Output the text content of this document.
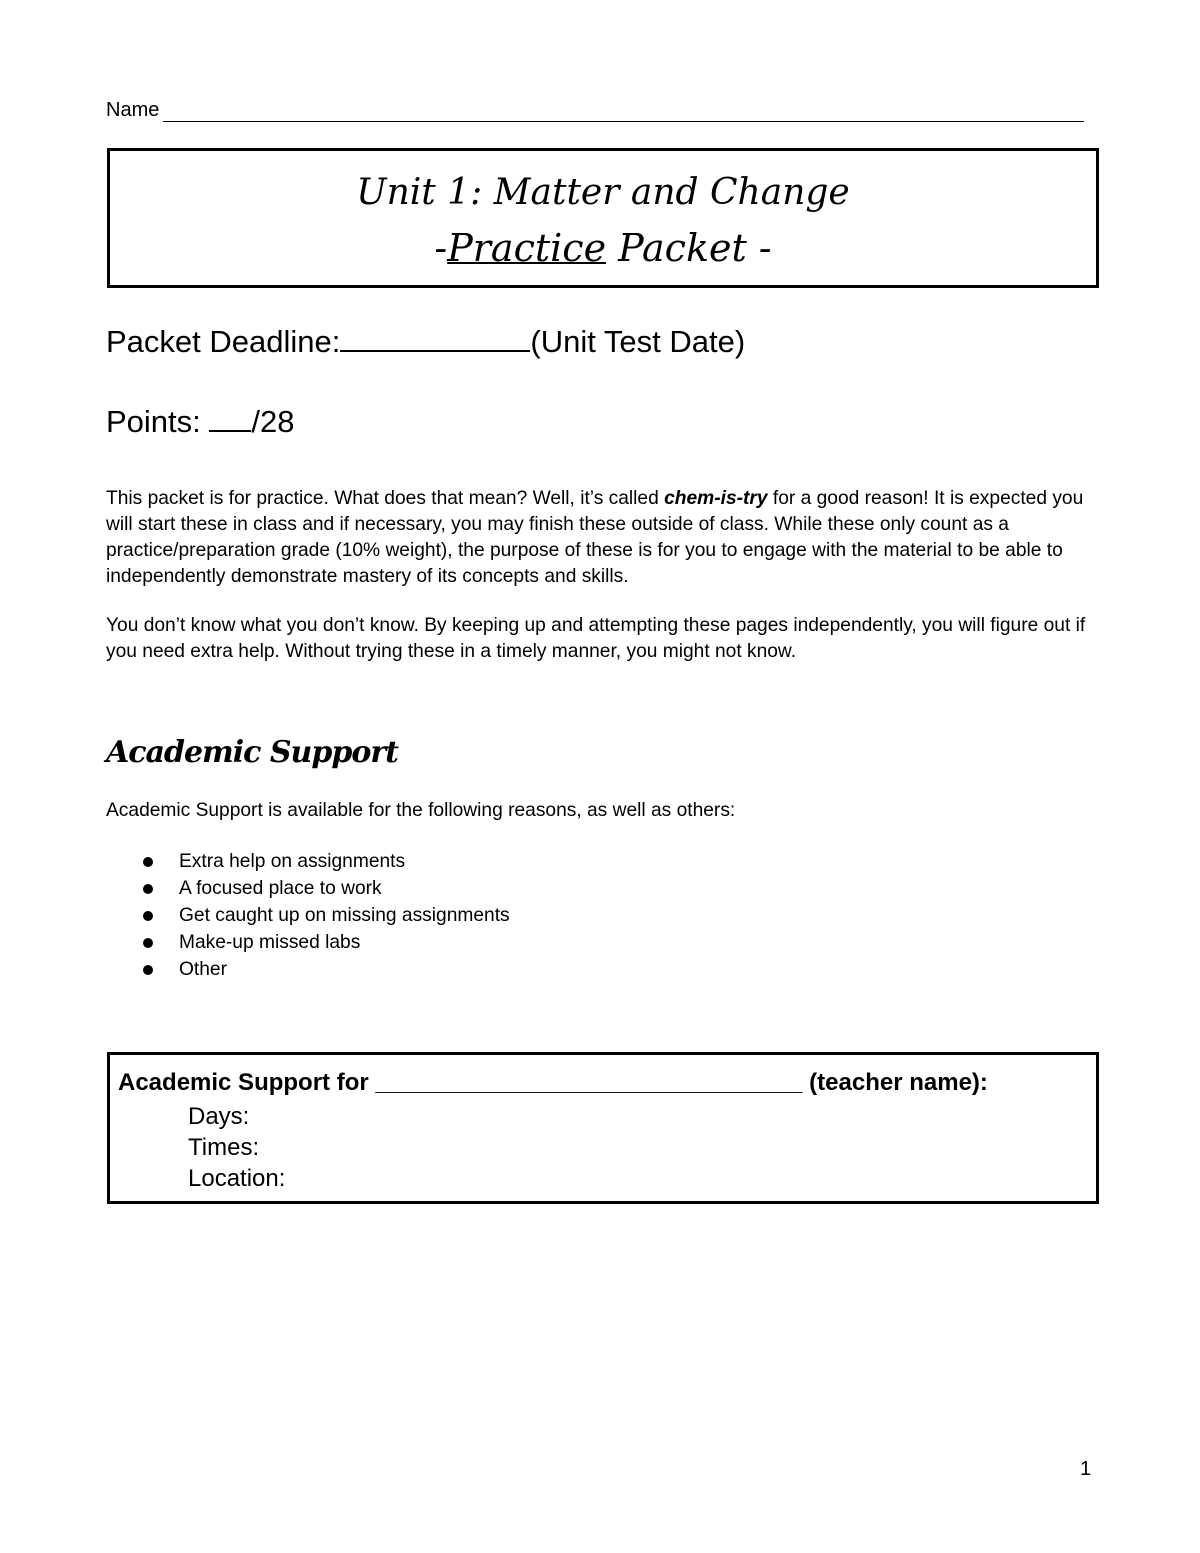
Name
Unit 1: Matter and Change
-Practice Packet -
Packet Deadline:	(Unit Test Date)
Points: /28

This packet is for practice. What does that mean? Well, it’s called chem-is-try for a good reason! It is expected you will start these in class and if necessary, you may finish these outside of class. While these only count as a practice/preparation grade (10% weight), the purpose of these is for you to engage with the material to be able to independently demonstrate mastery of its concepts and skills.

You don’t know what you don’t know. By keeping up and attempting these pages independently, you will figure out if you need extra help. Without trying these in a timely manner, you might not know.

Academic Support

Academic Support is available for the following reasons, as well as others:

Extra help on assignments
A focused place to work
Get caught up on missing assignments
Make-up missed labs
Other
Academic Support for ________________________________ (teacher name):
Days:
Times:
Location:
1
